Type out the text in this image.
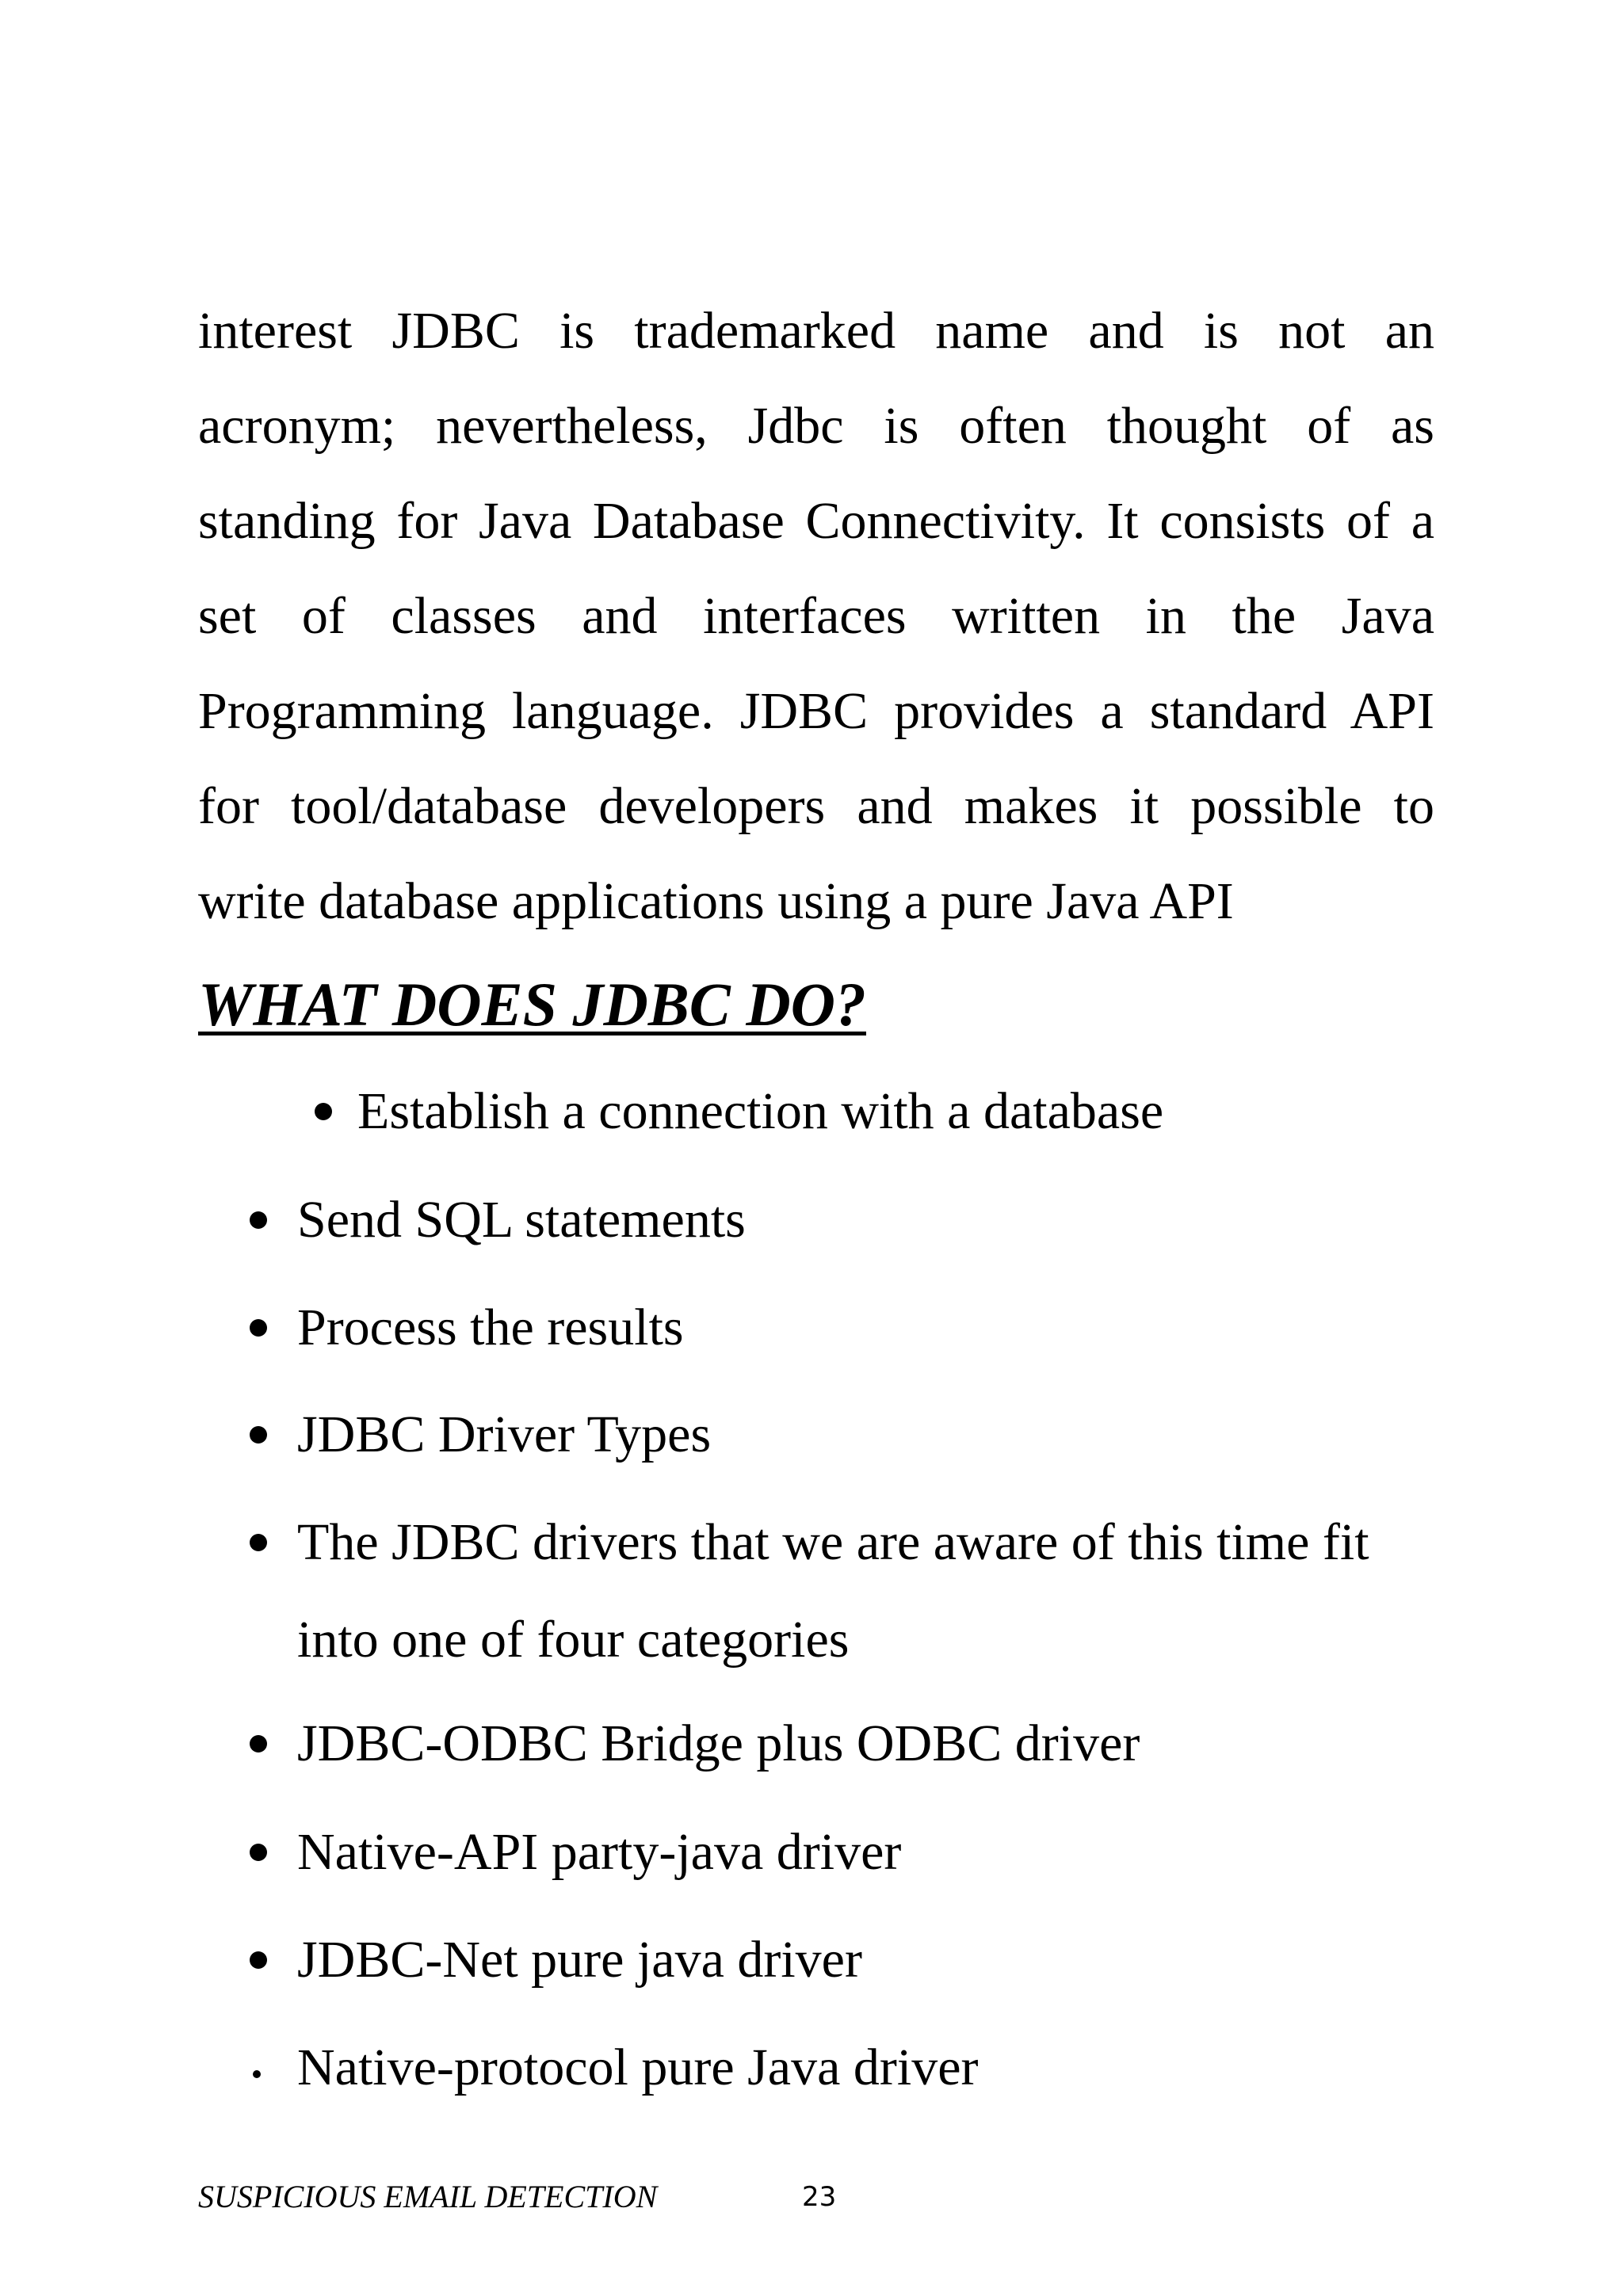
interest JDBC is trademarked name and is not an
acronym; nevertheless, Jdbc is often thought of as
standing for Java Database Connectivity. It consists of a
set of classes and interfaces written in the Java
Programming language. JDBC provides a standard API
for tool/database developers and makes it possible to
write database applications using a pure Java API
WHAT DOES JDBC DO?
Establish a connection with a database
Send SQL statements
Process the results
JDBC Driver Types
The JDBC drivers that we are aware of this time fit
into one of four categories
JDBC-ODBC Bridge plus ODBC driver
Native-API party-java driver
JDBC-Net pure java driver
Native-protocol pure Java driver
SUSPICIOUS EMAIL DETECTION	23
